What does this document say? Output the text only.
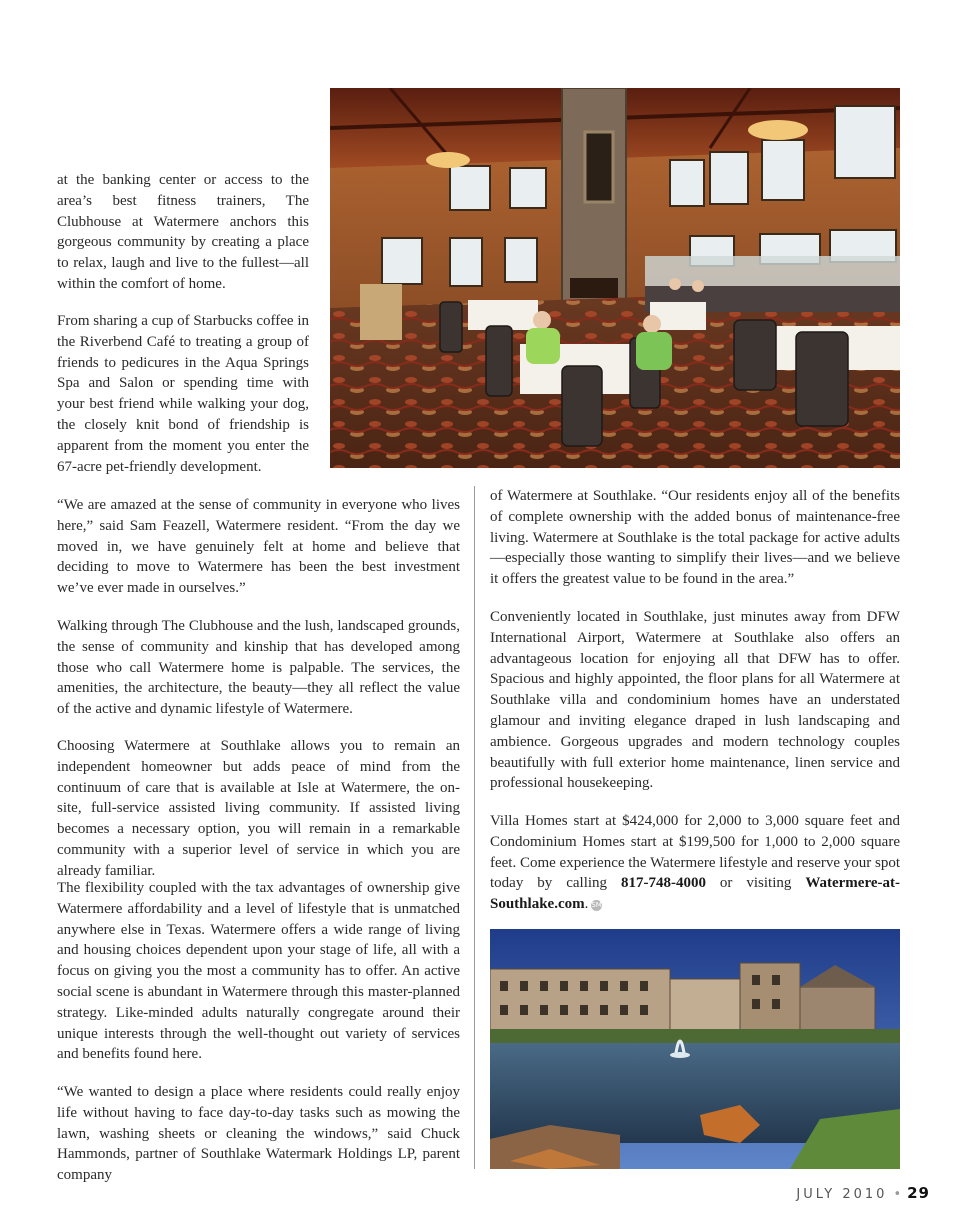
at the banking center or access to the area’s best fitness trainers, The Clubhouse at Watermere anchors this gorgeous community by creating a place to relax, laugh and live to the fullest—all within the comfort of home.

From sharing a cup of Starbucks coffee in the Riverbend Café to treating a group of friends to pedicures in the Aqua Springs Spa and Salon or spending time with your best friend while walking your dog, the closely knit bond of friendship is apparent from the moment you enter the 67-acre pet-friendly development.

“We are amazed at the sense of community in everyone who lives here,” said Sam Feazell, Watermere resident. “From the day we moved in, we have genuinely felt at home and believe that deciding to move to Watermere has been the best investment we’ve ever made in ourselves.”

Walking through The Clubhouse and the lush, landscaped grounds, the sense of community and kinship that has developed among those who call Watermere home is palpable. The services, the amenities, the architecture, the beauty—they all reflect the value of the active and dynamic lifestyle of Watermere.

Choosing Watermere at Southlake allows you to remain an independent homeowner but adds peace of mind from the continuum of care that is available at Isle at Watermere, the on-site, full-service assisted living community. If assisted living becomes a necessary option, you will remain in a remarkable community with a superior level of service in which you are already familiar.

The flexibility coupled with the tax advantages of ownership give Watermere affordability and a level of lifestyle that is unmatched anywhere else in Texas. Watermere offers a wide range of living and housing choices dependent upon your stage of life, all with a focus on giving you the most a community has to offer. An active social scene is abundant in Watermere through this master-planned strategy. Like-minded adults naturally congregate around their unique interests through the well-thought out variety of services and benefits found here.

“We wanted to design a place where residents could really enjoy life without having to face day-to-day tasks such as mowing the lawn, washing sheets or cleaning the windows,” said Chuck Hammonds, partner of Southlake Watermark Holdings LP, parent company

of Watermere at Southlake. “Our residents enjoy all of the benefits of complete ownership with the added bonus of maintenance-free living. Watermere at Southlake is the total package for active adults—especially those wanting to simplify their lives—and we believe it offers the greatest value to be found in the area.”

Conveniently located in Southlake, just minutes away from DFW International Airport, Watermere at Southlake also offers an advantageous location for enjoying all that DFW has to offer. Spacious and highly appointed, the floor plans for all Watermere at Southlake villa and condominium homes have an understated glamour and inviting elegance draped in lush landscaping and ambience. Gorgeous upgrades and modern technology couples beautifully with full exterior home maintenance, linen service and professional housekeeping.

Villa Homes start at $424,000 for 2,000 to 3,000 square feet and Condominium Homes start at $199,500 for 1,000 to 2,000 square feet. Come experience the Watermere lifestyle and reserve your spot today by calling 817-748-4000 or visiting Watermere-at-Southlake.com. SM

JULY 2010 • 29
